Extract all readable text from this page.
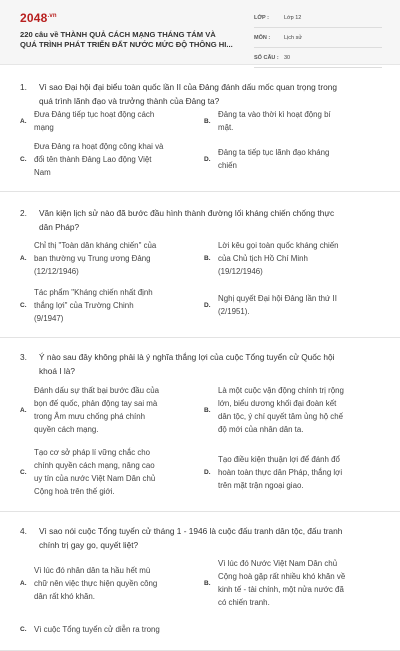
$2048^{.vn}$
220 câu về THÀNH QUẢ CÁCH MẠNG THÁNG TÁM VÀ
QUÁ TRÌNH PHÁT TRIỂN ĐẤT NƯỚC MỨC ĐỘ THÔNG HI...
LỚP :	Lớp 12
MÔN :	Lịch sử
SỐ CÂU : 30
1. Vì sao Đại hội đại biểu toàn quốc lần II của Đảng đánh dấu mốc quan trọng trong
quá trình lãnh đạo và trưởng thành của Đảng ta?
A.
Đưa Đảng tiếp tục hoạt động cách
mạng
B.
Đảng ta vào thời kì hoạt động bí
mật.
C.
Đưa Đảng ra hoạt động công khai và
đổi tên thành Đảng Lao động Việt
Nam
D.
Đảng ta tiếp tục lãnh đạo kháng
chiến
2. Văn kiện lịch sử nào đã bước đầu hình thành đường lối kháng chiến chống thực
dân Pháp?
A.
Chỉ thị "Toàn dân kháng chiến" của
ban thường vụ Trung ương Đảng
(12/12/1946)
B.
Lời kêu gọi toàn quốc kháng chiến
của Chủ tịch Hồ Chí Minh
(19/12/1946)
C.
Tác phẩm "Kháng chiến nhất định
thắng lợi" của Trường Chinh
(9/1947)
D.
Nghị quyết Đại hội Đảng lần thứ II
(2/1951).
3. Ý nào sau đây không phải là ý nghĩa thắng lợi của cuộc Tổng tuyển cử Quốc hội
khoá I là?
A.
Đánh dấu sự thất bại bước đầu của
bọn đế quốc, phản động tay sai mà
trong Âm mưu chống phá chính
quyền cách mạng.
B.
Là một cuộc vận động chính trị rộng
lớn, biểu dương khối đại đoàn kết
dân tộc, ý chí quyết tâm ủng hộ chế
độ mới của nhân dân ta.
C.
Tạo cơ sở pháp lí vững chắc cho
chính quyền cách mạng, nâng cao
uy tín của nước Việt Nam Dân chủ
Cộng hoà trên thế giới.
D.
Tạo điều kiện thuận lợi để đánh đổ
hoàn toàn thực dân Pháp, thắng lợi
trên mặt trận ngoại giao.
4. Vì sao nói cuộc Tổng tuyển cử tháng 1 - 1946 là cuộc đấu tranh dân tộc, đấu tranh
chính trị gay go, quyết liệt?
A.
Vì lúc đó nhân dân ta hầu hết mù
chữ nên việc thực hiện quyền công
dân rất khó khăn.
B.
Vì lúc đó Nước Việt Nam Dân chủ
Cộng hoà gặp rất nhiều khó khăn về
kinh tế - tài chính, một nửa nước đã
có chiến tranh.
C. Vì cuộc Tổng tuyển cử diễn ra trong
